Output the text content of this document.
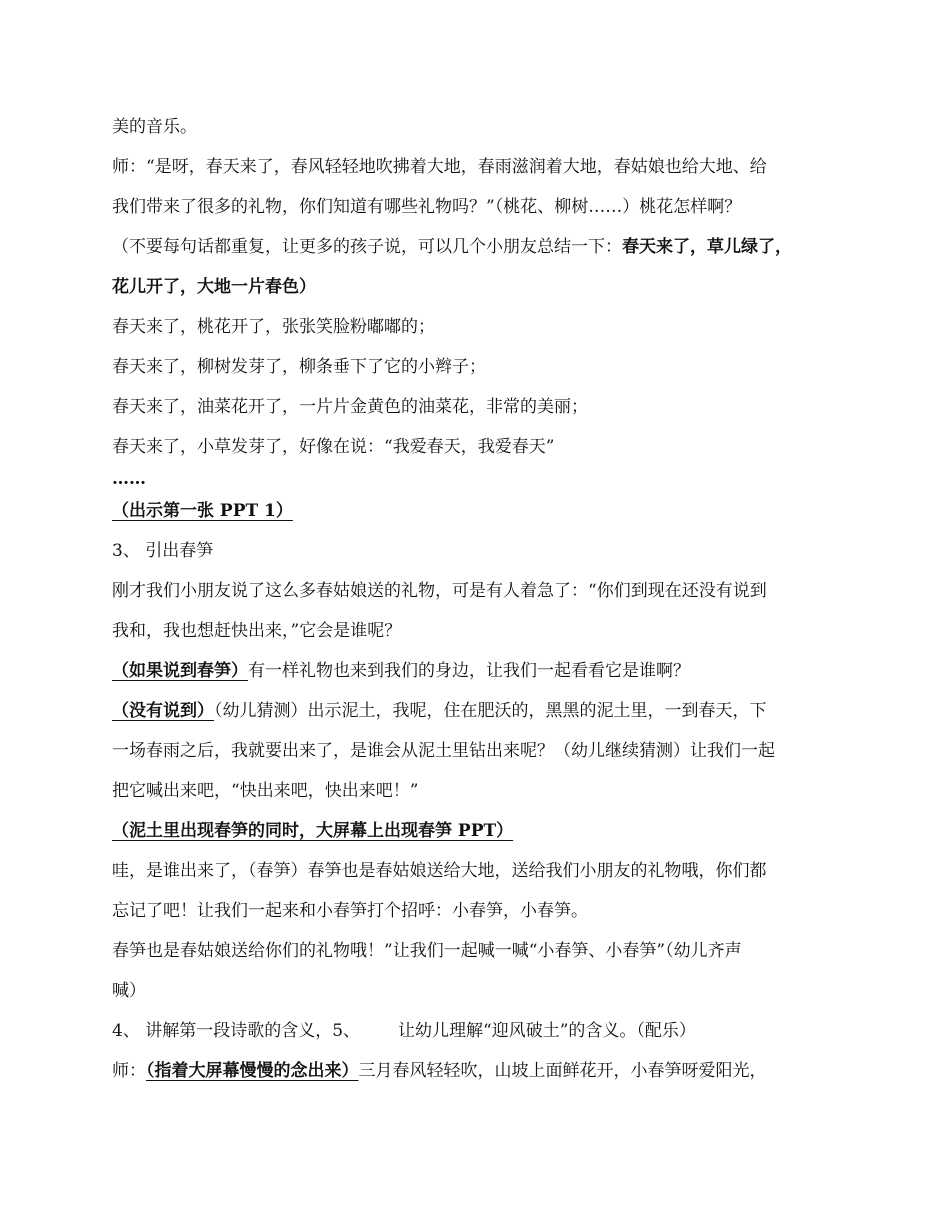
美的音乐。
师：“是呀，春天来了，春风轻轻地吹拂着大地，春雨滋润着大地，春姑娘也给大地、给
我们带来了很多的礼物，你们知道有哪些礼物吗？”（桃花、柳树……）桃花怎样啊？
（不要每句话都重复，让更多的孩子说，可以几个小朋友总结一下：春天来了，草儿绿了，
花儿开了，大地一片春色）
春天来了，桃花开了，张张笑脸粉嘟嘟的；
春天来了，柳树发芽了，柳条垂下了它的小辫子；
春天来了，油菜花开了，一片片金黄色的油菜花，非常的美丽；
春天来了，小草发芽了，好像在说：“我爱春天，我爱春天”
……
（出示第一张 PPT 1）
3、 引出春笋
刚才我们小朋友说了这么多春姑娘送的礼物，可是有人着急了：“你们到现在还没有说到
我和，我也想赶快出来，”它会是谁呢？
（如果说到春笋）有一样礼物也来到我们的身边，让我们一起看看它是谁啊？
（没有说到）（幼儿猜测）出示泥土，我呢，住在肥沃的，黑黑的泥土里，一到春天，下
一场春雨之后，我就要出来了，是谁会从泥土里钻出来呢？（幼儿继续猜测）让我们一起
把它喊出来吧，“快出来吧，快出来吧！”
（泥土里出现春笋的同时，大屏幕上出现春笋 PPT）
哇，是谁出来了，（春笋）春笋也是春姑娘送给大地，送给我们小朋友的礼物哦，你们都
忘记了吧！让我们一起来和小春笋打个招呼：小春笋，小春笋。
春笋也是春姑娘送给你们的礼物哦！”让我们一起喊一喊“小春笋、小春笋”（幼儿齐声
喊）
4、 讲解第一段诗歌的含义，5、 让幼儿理解“迎风破土”的含义。（配乐）
师：（指着大屏幕慢慢的念出来）三月春风轻轻吹，山坡上面鲜花开，小春笋呀爱阳光，
